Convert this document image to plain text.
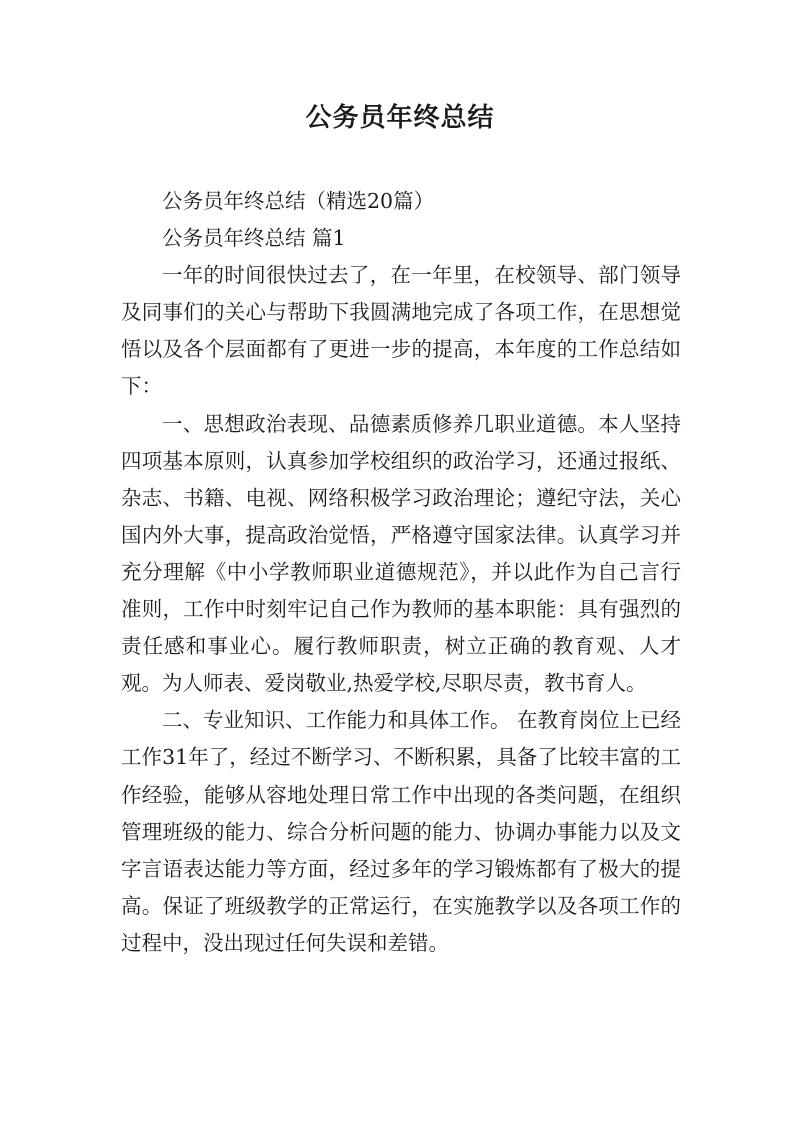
公务员年终总结

公务员年终总结（精选20篇）

公务员年终总结 篇1

一年的时间很快过去了，在一年里，在校领导、部门领导及同事们的关心与帮助下我圆满地完成了各项工作，在思想觉悟以及各个层面都有了更进一步的提高，本年度的工作总结如下：

一、思想政治表现、品德素质修养几职业道德。本人坚持四项基本原则，认真参加学校组织的政治学习，还通过报纸、杂志、书籍、电视、网络积极学习政治理论；遵纪守法，关心国内外大事，提高政治觉悟，严格遵守国家法律。认真学习并充分理解《中小学教师职业道德规范》，并以此作为自己言行准则，工作中时刻牢记自己作为教师的基本职能：具有强烈的责任感和事业心。履行教师职责，树立正确的教育观、人才观。为人师表、爱岗敬业,热爱学校,尽职尽责，教书育人。

二、专业知识、工作能力和具体工作。 在教育岗位上已经工作31年了，经过不断学习、不断积累，具备了比较丰富的工作经验，能够从容地处理日常工作中出现的各类问题，在组织管理班级的能力、综合分析问题的能力、协调办事能力以及文字言语表达能力等方面，经过多年的学习锻炼都有了极大的提高。保证了班级教学的正常运行，在实施教学以及各项工作的过程中，没出现过任何失误和差错。
